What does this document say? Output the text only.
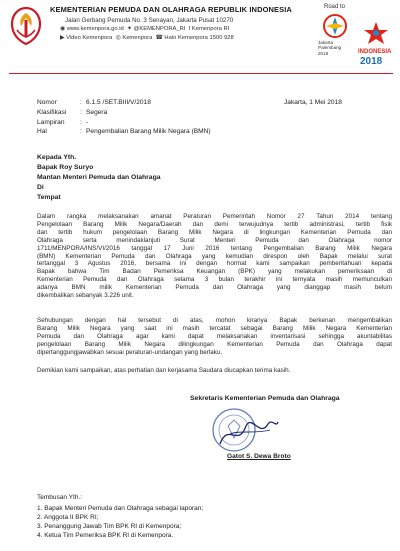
KEMENTERIAN PEMUDA DAN OLAHRAGA REPUBLIK INDONESIA
Jalan Gerbang Pemuda No. 3 Senayan, Jakarta Pusat 10270
◉ www.kemenpora.go.id ✦ @KEMENPORA_RI f Kemenpora RI
▶ Video Kemenpora ◎ Kemenpora ☎ Halo Kemenpora 1500 928
Road to
Jakarta Palembang
2018	INDONESIA
2018
Nomor	: 6.1.5 /SET.BIII/V/2018	Jakarta, 1 Mei 2018
Klasifikasi : Segera
Lampiran : -
Hal	: Pengembalian Barang Milik Negara (BMN)
Kepada Yth.
Bapak Roy Suryo
Mantan Menteri Pemuda dan Olahraga
Di
Tempat
Dalam rangka melaksanakan amanat Peraturan Pemerintah Nomor 27 Tahun 2014 tentang
Pengelolaan Barang Milik Negara/Daerah dan demi terwujudnya tertib administrasi, tertib fisik
dan tertib hukum pengelolaan Barang Milik Negara di lingkungan Kementerian Pemuda dan
Olahraga serta menindaklanjuti Surat Menteri Pemuda dan Olahraga nomor
1711/MENPORA/INS/VI/2016 tanggal 17 Juni 2016 tentang Pengembalian Barang Milik Negara
(BMN) Kementerian Pemuda dan Olahraga yang kemudian direspon oleh Bapak melalui surat
tertanggal 3 Agustus 2016, bersama ini dengan hormat kami sampaikan pemberitahuan kepada
Bapak bahwa Tim Badan Pemeriksa Keuangan (BPK) yang melakukan pemeriksaan di
Kementerian Pemuda dan Olahraga selama 3 bulan terakhir ini ternyata masih memunculkan
adanya BMN milik Kementerian Pemuda dan Olahraga yang dianggap masih belum
dikembalikan sebanyak 3.226 unit.
Sehubungan dengan hal tersebut di atas, mohon kiranya Bapak berkenan mengembalikan
Barang Milik Negara yang saat ini masih tercatat sebagai Barang Milik Negara Kementerian
Pemuda dan Olahraga agar kami dapat melaksanakan inventarisasi sehingga akuntabilitas
pengelolaan Barang Milik Negara dilingkungan Kementerian Pemuda dan Olahraga dapat
dipertanggungjawabkan sesuai peraturan-undangan yang berlaku.
Demikian kami sampaikan, atas perhatian dan kerjasama Saudara diucapkan terima kasih.
Sekretaris Kementerian Pemuda dan Olahraga
Gatot S. Dewa Broto
Tembusan Yth.:
1. Bapak Menteri Pemuda dan Olahraga sebagai laporan;
2. Anggota II BPK RI;
3. Penanggung Jawab Tim BPK RI di Kemenpora;
4. Ketua Tim Pemeriksa BPK RI di Kemenpora.
